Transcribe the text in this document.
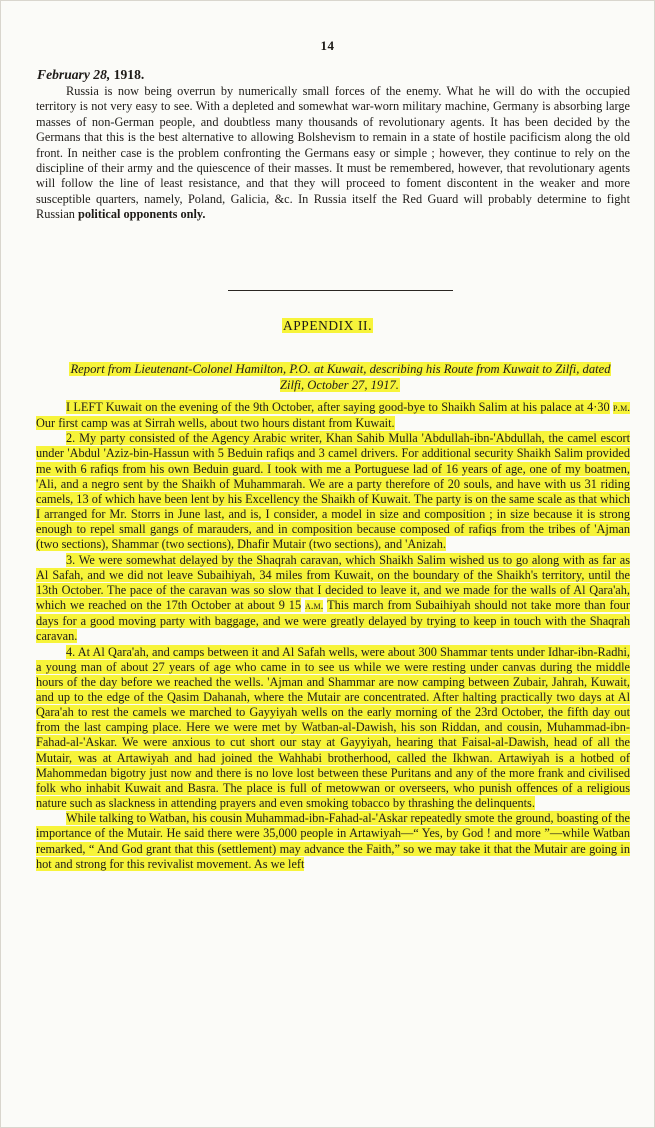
14
February 28, 1918.

Russia is now being overrun by numerically small forces of the enemy. What he will do with the occupied territory is not very easy to see. With a depleted and somewhat war-worn military machine, Germany is absorbing large masses of non-German people, and doubtless many thousands of revolutionary agents. It has been decided by the Germans that this is the best alternative to allowing Bolshevism to remain in a state of hostile pacificism along the old front. In neither case is the problem confronting the Germans easy or simple ; however, they continue to rely on the discipline of their army and the quiescence of their masses. It must be remembered, however, that revolutionary agents will follow the line of least resistance, and that they will proceed to foment discontent in the weaker and more susceptible quarters, namely, Poland, Galicia, &c. In Russia itself the Red Guard will probably determine to fight Russian political opponents only.

APPENDIX II.

Report from Lieutenant-Colonel Hamilton, P.O. at Kuwait, describing his Route from Kuwait to Zilfi, dated Zilfi, October 27, 1917.

I LEFT Kuwait on the evening of the 9th October, after saying good-bye to Shaikh Salim at his palace at 4·30 p.m. Our first camp was at Sirrah wells, about two hours distant from Kuwait.

2. My party consisted of the Agency Arabic writer, Khan Sahib Mulla 'Abdullah-ibn-'Abdullah, the camel escort under 'Abdul 'Aziz-bin-Hassun with 5 Beduin rafiqs and 3 camel drivers. For additional security Shaikh Salim provided me with 6 rafiqs from his own Beduin guard. I took with me a Portuguese lad of 16 years of age, one of my boatmen, 'Ali, and a negro sent by the Shaikh of Muhammarah. We are a party therefore of 20 souls, and have with us 31 riding camels, 13 of which have been lent by his Excellency the Shaikh of Kuwait. The party is on the same scale as that which I arranged for Mr. Storrs in June last, and is, I consider, a model in size and composition ; in size because it is strong enough to repel small gangs of marauders, and in composition because composed of rafiqs from the tribes of 'Ajman (two sections), Shammar (two sections), Dhafir Mutair (two sections), and 'Anizah.

3. We were somewhat delayed by the Shaqrah caravan, which Shaikh Salim wished us to go along with as far as Al Safah, and we did not leave Subaihiyah, 34 miles from Kuwait, on the boundary of the Shaikh's territory, until the 13th October. The pace of the caravan was so slow that I decided to leave it, and we made for the walls of Al Qara'ah, which we reached on the 17th October at about 9 15 a.m. This march from Subaihiyah should not take more than four days for a good moving party with baggage, and we were greatly delayed by trying to keep in touch with the Shaqrah caravan.

4. At Al Qara'ah, and camps between it and Al Safah wells, were about 300 Shammar tents under Idhar-ibn-Radhi, a young man of about 27 years of age who came in to see us while we were resting under canvas during the middle hours of the day before we reached the wells. 'Ajman and Shammar are now camping between Zubair, Jahrah, Kuwait, and up to the edge of the Qasim Dahanah, where the Mutair are concentrated. After halting practically two days at Al Qara'ah to rest the camels we marched to Gayyiyah wells on the early morning of the 23rd October, the fifth day out from the last camping place. Here we were met by Watban-al-Dawish, his son Riddan, and cousin, Muhammad-ibn-Fahad-al-'Askar. We were anxious to cut short our stay at Gayyiyah, hearing that Faisal-al-Dawish, head of all the Mutair, was at Artawiyah and had joined the Wahhabi brotherhood, called the Ikhwan. Artawiyah is a hotbed of Mahommedan bigotry just now and there is no love lost between these Puritans and any of the more frank and civilised folk who inhabit Kuwait and Basra. The place is full of metowwan or overseers, who punish offences of a religious nature such as slackness in attending prayers and even smoking tobacco by thrashing the delinquents.

While talking to Watban, his cousin Muhammad-ibn-Fahad-al-'Askar repeatedly smote the ground, boasting of the importance of the Mutair. He said there were 35,000 people in Artawiyah—“ Yes, by God ! and more ”—while Watban remarked, “ And God grant that this (settlement) may advance the Faith,” so we may take it that the Mutair are going in hot and strong for this revivalist movement. As we left
